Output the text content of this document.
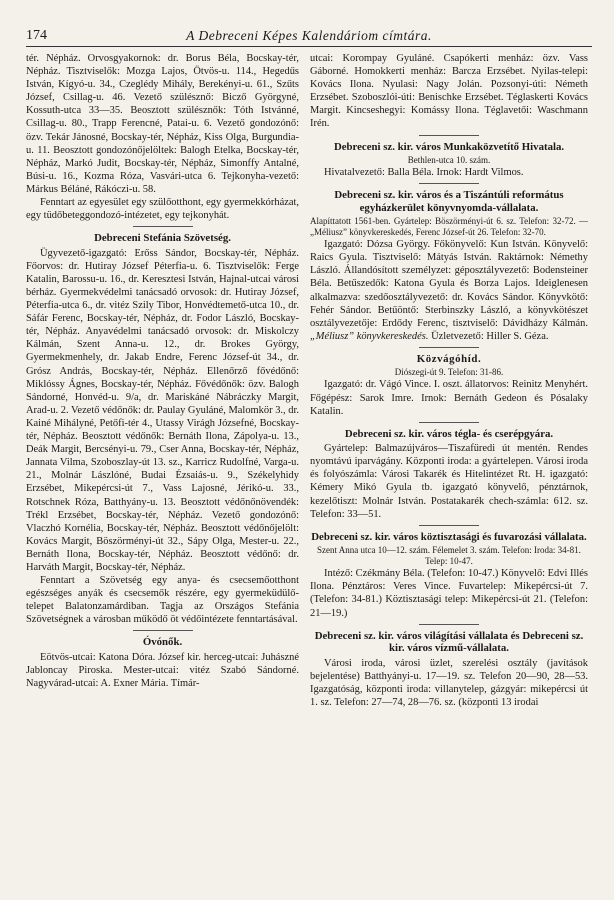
174	A Debreceni Képes Kalendáriom címtára.

tér. Népház. Orvosgyakornok: dr. Borus Béla, Bocskay-tér, Népház. Tisztviselők: Mozga Lajos, Ötvös-u. 114., Hegedűs István, Kígyó-u. 34., Czeglédy Mihály, Berekényi-u. 61., Szűts József, Csillag-u. 46. Vezető szülésznő: Bicző Györgyné, Kossuth-utca 33—35. Beosztott szülésznők: Tóth Istvánné, Csillag-u. 80., Trapp Ferencné, Patai-u. 6. Vezető gondozónő: özv. Tekár Jánosné, Bocskay-tér, Népház, Kiss Olga, Burgundia-u. 11. Beosztott gondozónőjelöltek: Balogh Etelka, Bocskay-tér, Népház, Markó Judit, Bocskay-tér, Népház, Simonffy Antalné, Búsi-u. 16., Kozma Róza, Vasvári-utca 6. Tejkonyha-vezető: Márkus Béláné, Rákóczi-u. 58.

Fenntart az egyesület egy szülőotthont, egy gyermekkórházat, egy tüdőbeteggondozó-intézetet, egy tejkonyhát.

Debreceni Stefánia Szövetség.

Ügyvezető-igazgató: Erőss Sándor, Bocskay-tér, Népház. Főorvos: dr. Hutiray József Péterfia-u. 6. Tisztviselők: Ferge Katalin, Barossu-u. 16., dr. Keresztesi István, Hajnal-utcai városi bérház. Gyermekvédelmi tanácsadó orvosok: dr. Hutiray József, Péterfia-utca 6., dr. vitéz Szily Tibor, Honvédtemető-utca 10., dr. Sáfár Ferenc, Bocskay-tér, Népház, dr. Fodor László, Bocskay-tér, Népház. Anyavédelmi tanácsadó orvosok: dr. Miskolczy Kálmán, Szent Anna-u. 12., dr. Brokes György, Gyermekmenhely, dr. Jakab Endre, Ferenc József-út 34., dr. Grósz András, Bocskay-tér, Népház. Ellenőrző fővédőnő: Miklóssy Ágnes, Bocskay-tér, Népház. Fővédőnők: özv. Balogh Sándorné, Honvéd-u. 9/a, dr. Mariskáné Nábráczky Margit, Arad-u. 2. Vezető védőnők: dr. Paulay Gyuláné, Malomkör 3., dr. Kainé Mihályné, Petőfi-tér 4., Utassy Virágh Józsefné, Bocskay-tér, Népház. Beosztott védőnők: Bernáth Ilona, Zápolya-u. 13., Deák Margit, Bercsényi-u. 79., Cser Anna, Bocskay-tér, Népház, Jannata Vilma, Szoboszlay-út 13. sz., Karricz Rudolfné, Varga-u. 21., Molnár Lászlóné, Budai Ézsaiás-u. 9., Székelyhidy Erzsébet, Mikepércsi-út 7., Vass Lajosné, Jérikó-u. 33., Rotschnek Róza, Batthyány-u. 13. Beosztott védőnőnövendék: Trékl Erzsébet, Bocskay-tér, Népház. Vezető gondozónő: Vlaczhó Kornélia, Bocskay-tér, Népház. Beosztott védőnőjelölt: Kovács Margit, Böszörményi-út 32., Sápy Olga, Mester-u. 22., Bernáth Ilona, Bocskay-tér, Népház. Beosztott védőnő: dr. Harváth Margit, Bocskay-tér, Népház.

Fenntart a Szövetség egy anya- és csecsemőotthont egészséges anyák és csecsemők részére, egy gyermeküdülő-telepet Balatonzamárdiban. Tagja az Országos Stefánia Szövetségnek a városban működő öt védőintézete fenntartásával.

Óvónők.

Eötvös-utcai: Katona Dóra. József kir. herceg-utcai: Juhászné Jabloncay Piroska. Mester-utcai: vitéz Szabó Sándorné. Nagyvárad-utcai: A. Exner Mária. Tímár-

utcai: Korompay Gyuláné. Csapókerti menház: özv. Vass Gáborné. Homokkerti menház: Barcza Erzsébet. Nyilas-telepi: Kovács Ilona. Nyulasi: Nagy Jolán. Pozsonyi-úti: Németh Erzsébet. Szoboszlói-úti: Benischke Erzsébet. Téglaskerti Kovács Margit. Kincseshegyi: Komássy Ilona. Téglavetői: Waschmann Irén.

Debreceni sz. kir. város Munkaközvetítő Hivatala.
Bethlen-utca 10. szám.

Hivatalvezető: Balla Béla. Irnok: Hardt Vilmos.

Debreceni sz. kir. város és a Tiszántúli református egyházkerület könyvnyomda-vállalata.

Alapíttatott 1561-ben. Gyártelep: Böszörményi-út 6. sz. Telefon: 32-72. — „Méliusz” könyvkereskedés, Ferenc József-út 26. Telefon: 32-70.

Igazgató: Dózsa György. Főkönyvelő: Kun István. Könyvelő: Raics Gyula. Tisztviselő: Mátyás István. Raktárnok: Némethy László. Állandósított személyzet: géposztályvezető: Bodensteiner Béla. Betűszedők: Katona Gyula és Borza Lajos. Ideiglenesen alkalmazva: szedőosztályvezető: dr. Kovács Sándor. Könyvkötő: Fehér Sándor. Betűöntő: Sterbinszky László, a könyvkötészet osztályvezetője: Erdődy Ferenc, tisztviselő: Dávidházy Kálmán. „Méliusz” könyvkereskedés. Üzletvezető: Hiller S. Géza.

Közvágóhíd.
Diószegi-út 9. Telefon: 31-86.

Igazgató: dr. Vágó Vince. I. oszt. állatorvos: Reinitz Menyhért. Főgépész: Sarok Imre. Irnok: Bernáth Gedeon és Pósalaky Katalin.

Debreceni sz. kir. város tégla- és cserépgyára.

Gyártelep: Balmazújváros—Tiszafüredi út mentén. Rendes nyomtávú iparvágány. Központi iroda: a gyártelepen. Városi iroda és folyószámla: Városi Takarék és Hitelintézet Rt. H. igazgató: Kémery Mikó Gyula tb. igazgató könyvelő, pénztárnok, kezelőtiszt: Molnár István. Postatakarék chech-számla: 612. sz. Telefon: 33—51.

Debreceni sz. kir. város köztisztasági és fuvarozási vállalata.
Szent Anna utca 10—12. szám. Félemelet 3. szám. Telefon: Iroda: 34-81. Telep: 10-47.

Intéző: Czékmány Béla. (Telefon: 10-47.) Könyvelő: Edvi Illés Ilona. Pénztáros: Veres Vince. Fuvartelep: Mikepércsi-út 7. (Telefon: 34-81.) Köztisztasági telep: Mikepércsi-út 21. (Telefon: 21—19.)

Debreceni sz. kir. város világítási vállalata és Debreceni sz. kir. város vízmű-vállalata.

Városi iroda, városi üzlet, szerelési osztály (javítások bejelentése) Batthyányi-u. 17—19. sz. Telefon 20—90, 28—53. Igazgatóság, központi iroda: villanytelep, gázgyár: mikepércsi út 1. sz. Telefon: 27—74, 28—76. sz. (központi 13 irodai
